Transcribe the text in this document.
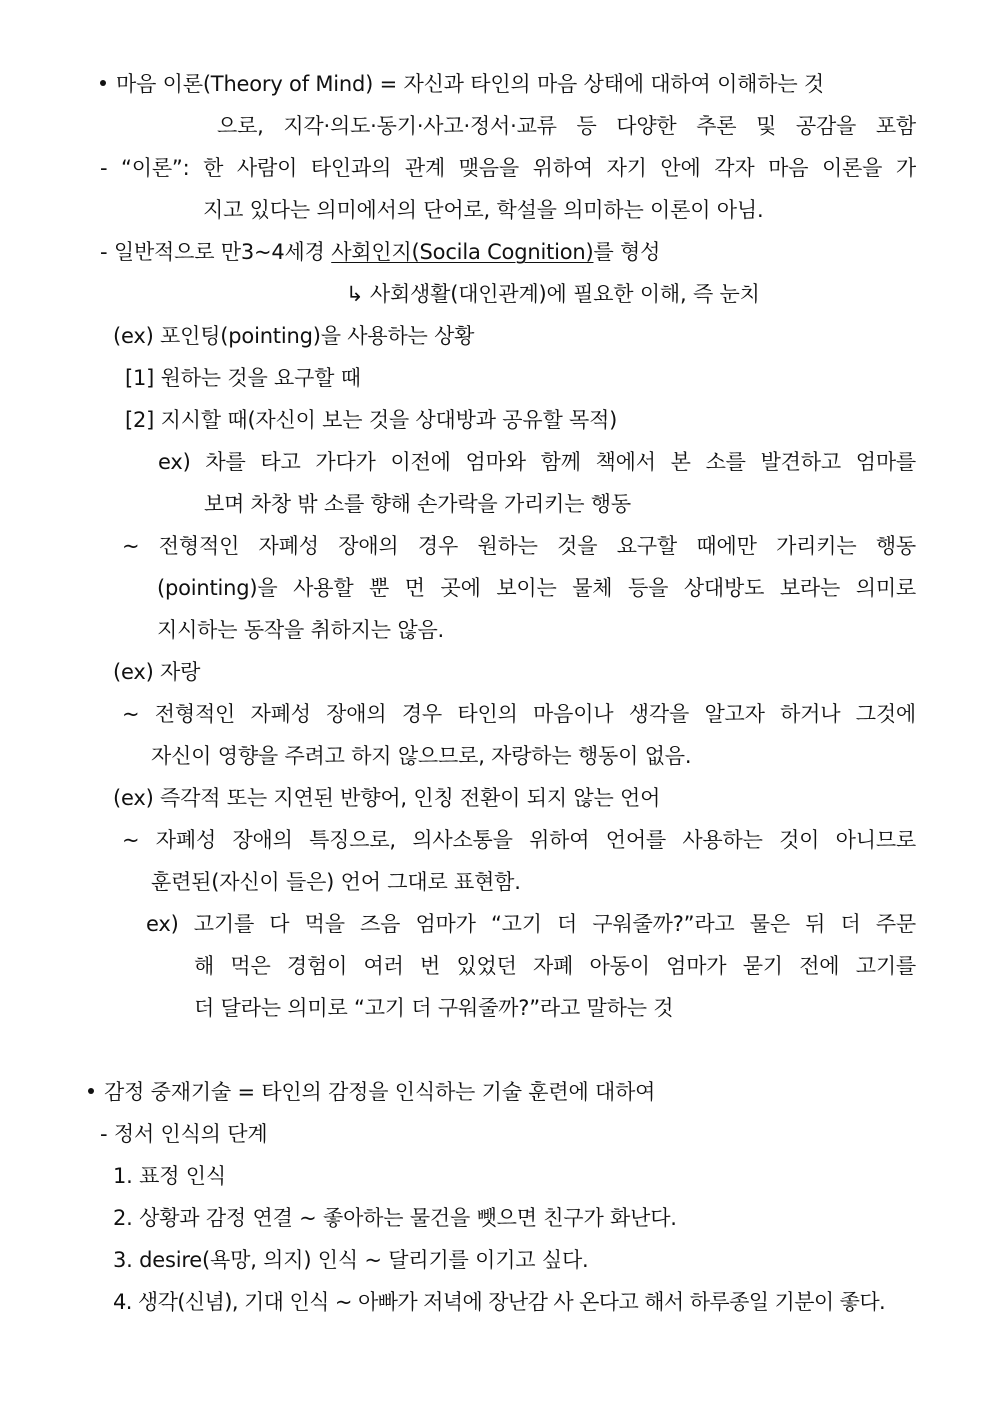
마음 이론(Theory of Mind) = 자신과 타인의 마음 상태에 대하여 이해하는 것
으로, 지각·의도·동기·사고·정서·교류 등 다양한 추론 및 공감을 포함
- “이론”: 한 사람이 타인과의 관계 맺음을 위하여 자기 안에 각자 마음 이론을 가
지고 있다는 의미에서의 단어로, 학설을 의미하는 이론이 아님.
- 일반적으로 만3~4세경 사회인지(Socila Cognition)를 형성
↳ 사회생활(대인관계)에 필요한 이해, 즉 눈치
(ex) 포인팅(pointing)을 사용하는 상황
[1] 원하는 것을 요구할 때
[2] 지시할 때(자신이 보는 것을 상대방과 공유할 목적)
ex) 차를 타고 가다가 이전에 엄마와 함께 책에서 본 소를 발견하고 엄마를
보며 차창 밖 소를 향해 손가락을 가리키는 행동
~ 전형적인 자폐성 장애의 경우 원하는 것을 요구할 때에만 가리키는 행동
(pointing)을 사용할 뿐 먼 곳에 보이는 물체 등을 상대방도 보라는 의미로
지시하는 동작을 취하지는 않음.
(ex) 자랑
~ 전형적인 자폐성 장애의 경우 타인의 마음이나 생각을 알고자 하거나 그것에
자신이 영향을 주려고 하지 않으므로, 자랑하는 행동이 없음.
(ex) 즉각적 또는 지연된 반향어, 인칭 전환이 되지 않는 언어
~ 자폐성 장애의 특징으로, 의사소통을 위하여 언어를 사용하는 것이 아니므로
훈련된(자신이 들은) 언어 그대로 표현함.
ex) 고기를 다 먹을 즈음 엄마가 “고기 더 구워줄까?”라고 물은 뒤 더 주문
해 먹은 경험이 여러 번 있었던 자폐 아동이 엄마가 묻기 전에 고기를
더 달라는 의미로 “고기 더 구워줄까?”라고 말하는 것
감정 중재기술 = 타인의 감정을 인식하는 기술 훈련에 대하여
- 정서 인식의 단계
1. 표정 인식
2. 상황과 감정 연결 ~ 좋아하는 물건을 뺏으면 친구가 화난다.
3. desire(욕망, 의지) 인식 ~ 달리기를 이기고 싶다.
4. 생각(신념), 기대 인식 ~ 아빠가 저녁에 장난감 사 온다고 해서 하루종일 기분이 좋다.
